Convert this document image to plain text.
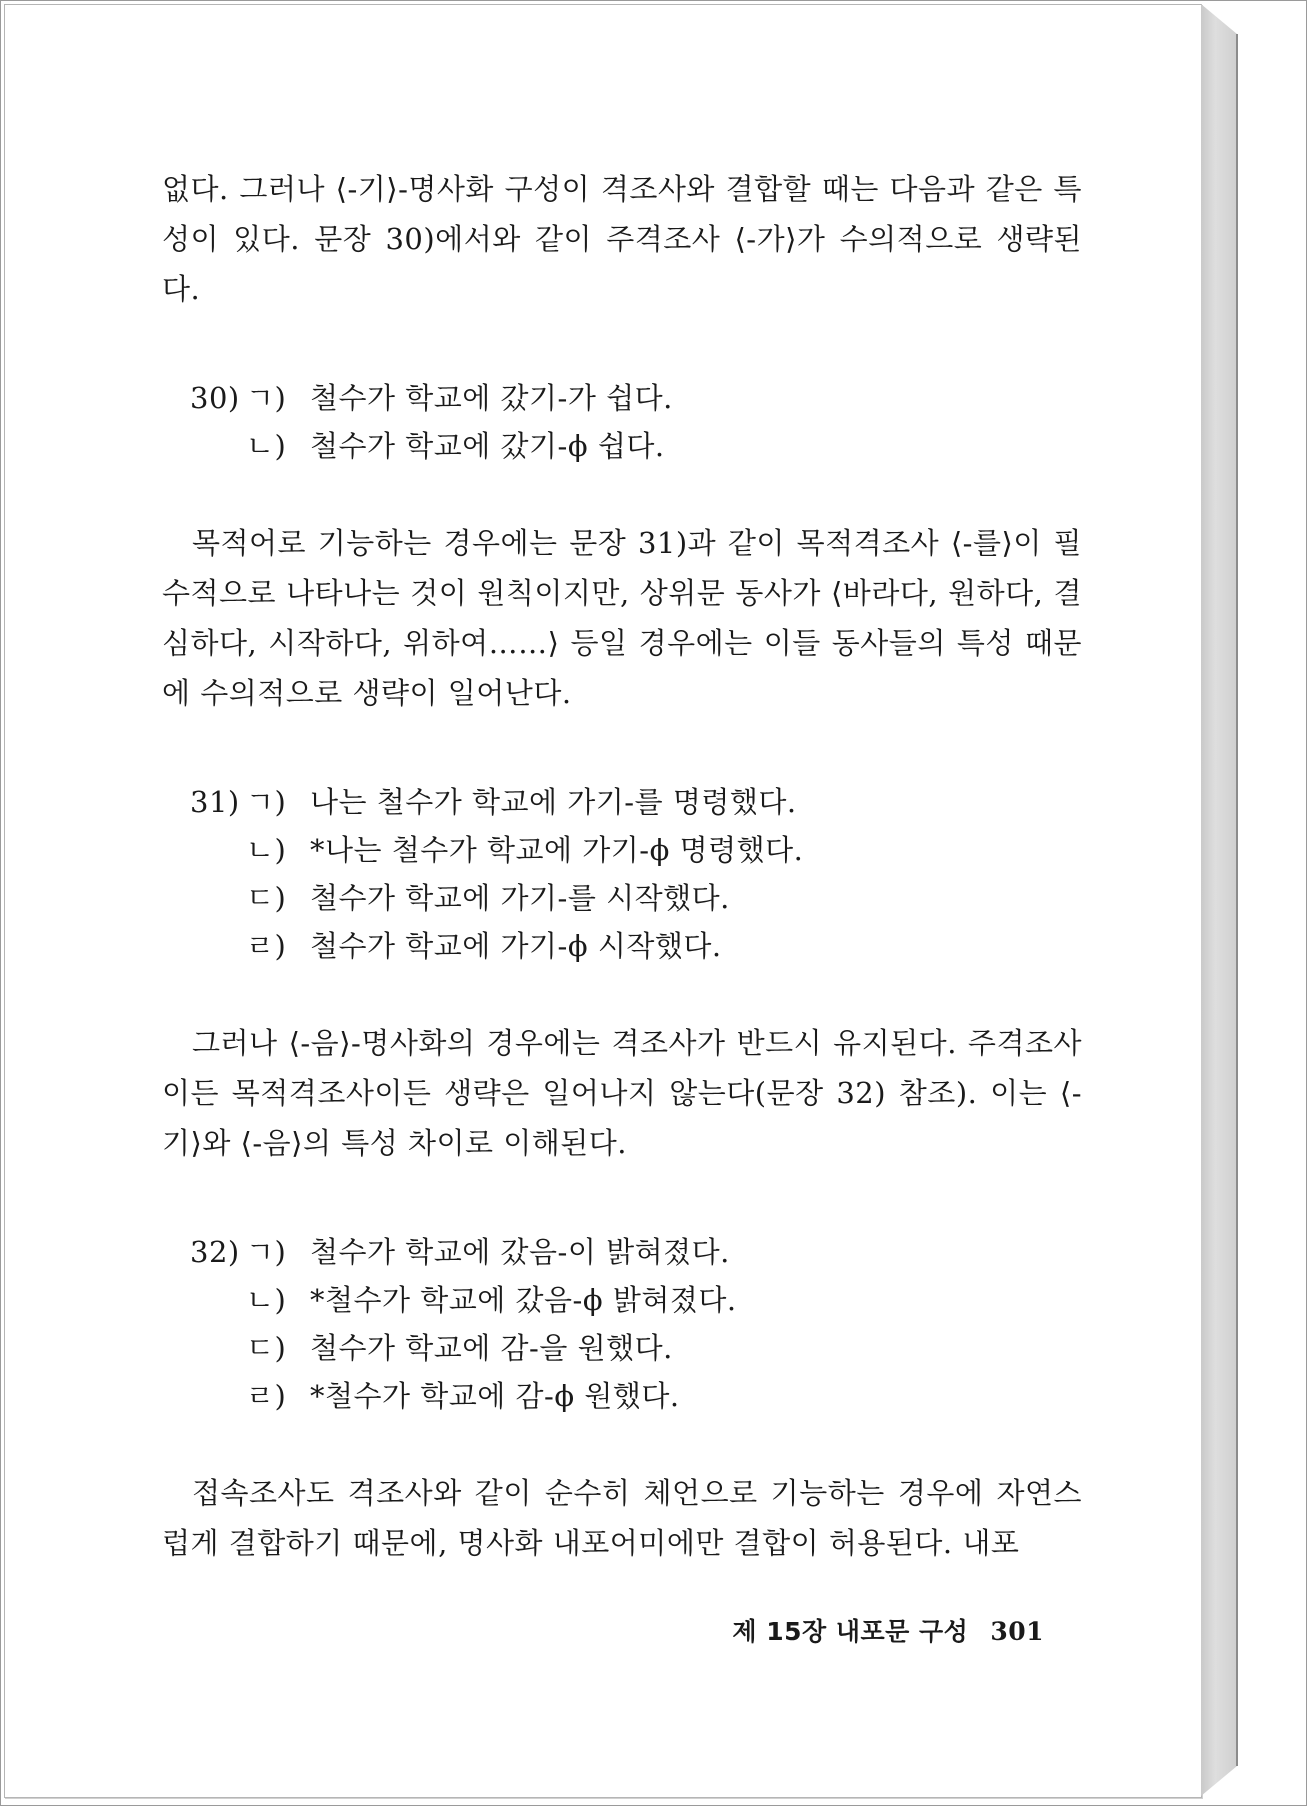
없다. 그러나 ⟨-기⟩-명사화 구성이 격조사와 결합할 때는 다음과 같은 특성이 있다. 문장 30)에서와 같이 주격조사 ⟨-가⟩가 수의적으로 생략된다.

30) ㄱ) 철수가 학교에 갔기-가 쉽다.
ㄴ) 철수가 학교에 갔기-ϕ 쉽다.

목적어로 기능하는 경우에는 문장 31)과 같이 목적격조사 ⟨-를⟩이 필수적으로 나타나는 것이 원칙이지만, 상위문 동사가 ⟨바라다, 원하다, 결심하다, 시작하다, 위하여……⟩ 등일 경우에는 이들 동사들의 특성 때문에 수의적으로 생략이 일어난다.

31) ㄱ) 나는 철수가 학교에 가기-를 명령했다.
ㄴ) *나는 철수가 학교에 가기-ϕ 명령했다.
ㄷ) 철수가 학교에 가기-를 시작했다.
ㄹ) 철수가 학교에 가기-ϕ 시작했다.

그러나 ⟨-음⟩-명사화의 경우에는 격조사가 반드시 유지된다. 주격조사이든 목적격조사이든 생략은 일어나지 않는다(문장 32) 참조). 이는 ⟨-기⟩와 ⟨-음⟩의 특성 차이로 이해된다.

32) ㄱ) 철수가 학교에 갔음-이 밝혀졌다.
ㄴ) *철수가 학교에 갔음-ϕ 밝혀졌다.
ㄷ) 철수가 학교에 감-을 원했다.
ㄹ) *철수가 학교에 감-ϕ 원했다.

접속조사도 격조사와 같이 순수히 체언으로 기능하는 경우에 자연스럽게 결합하기 때문에, 명사화 내포어미에만 결합이 허용된다. 내포

제 15장 내포문 구성 301
